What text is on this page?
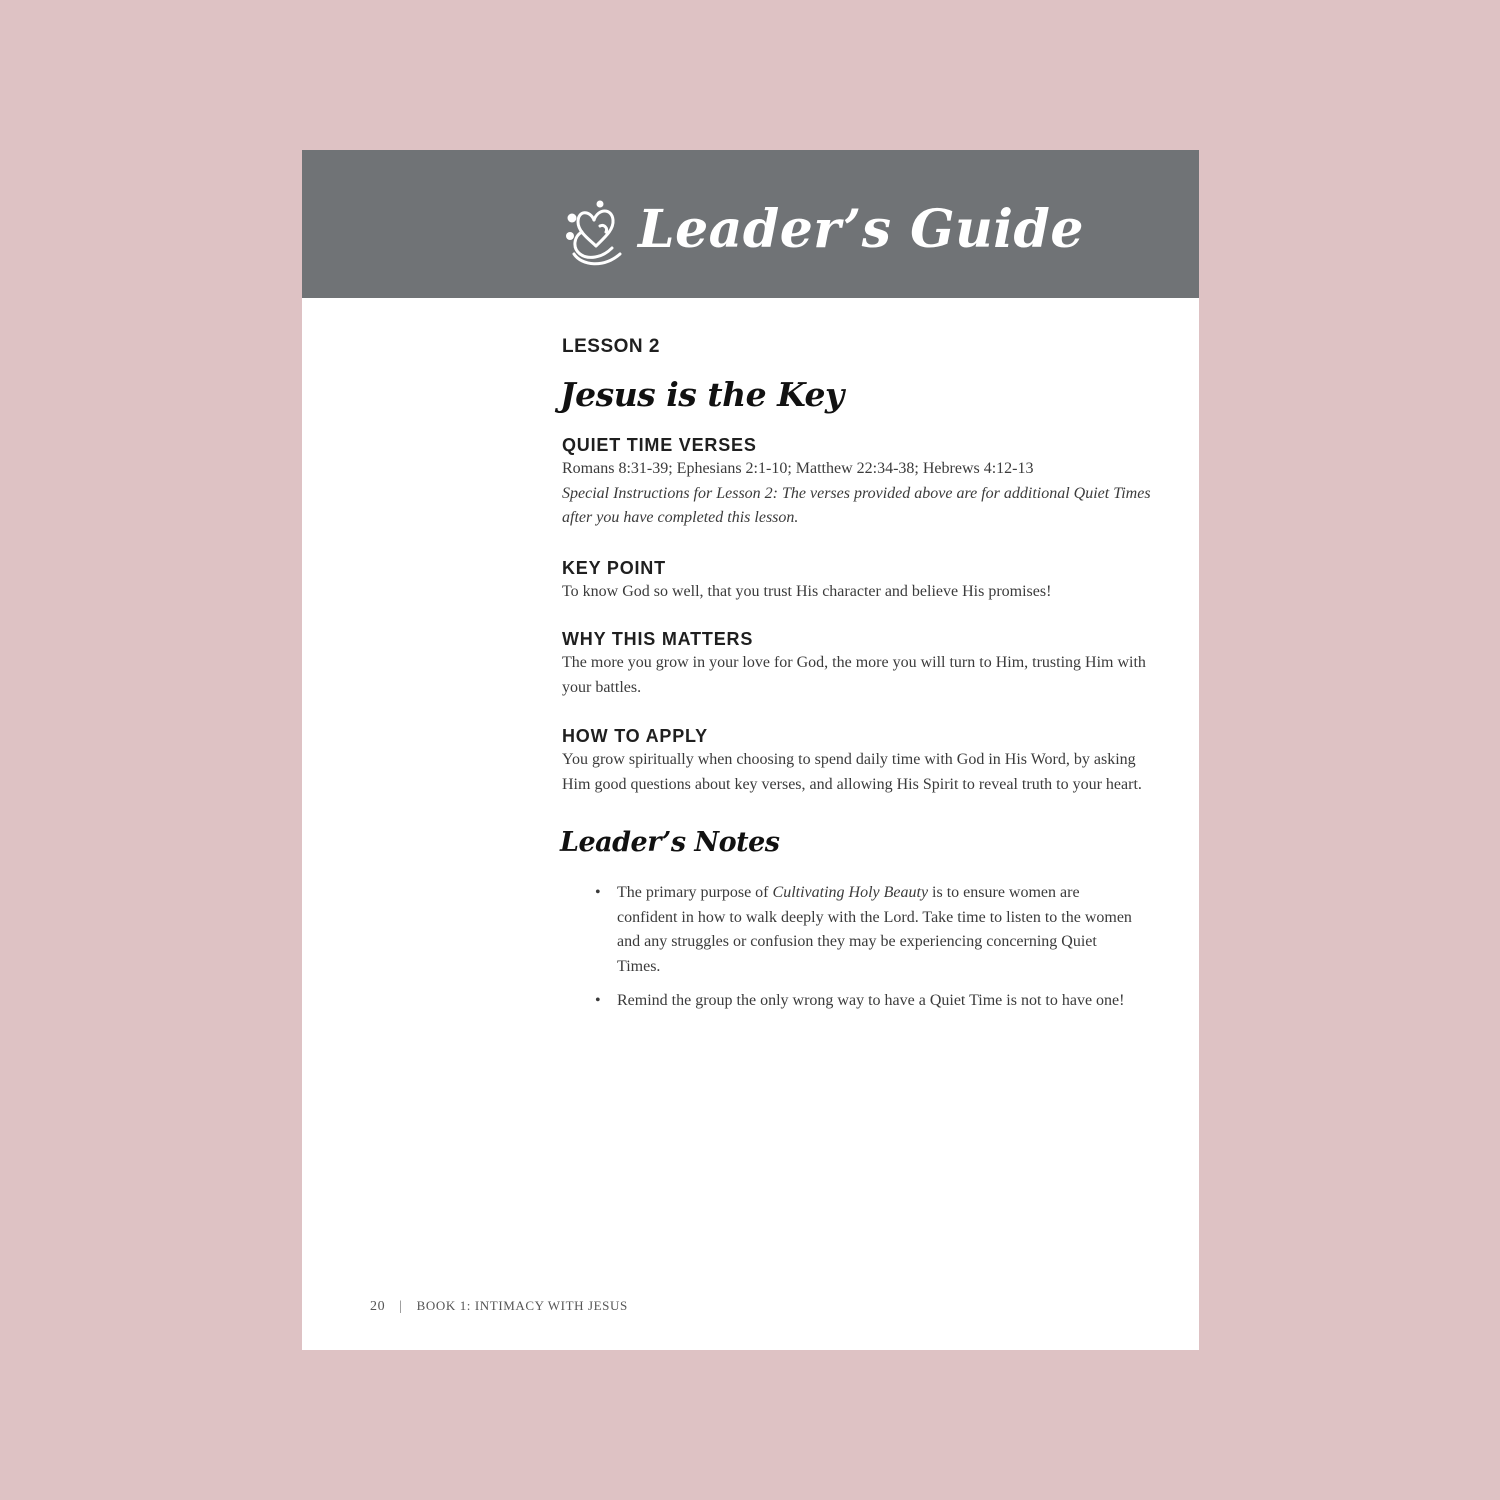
Leader’s Guide

LESSON 2

Jesus is the Key
QUIET TIME VERSES

Romans 8:31-39; Ephesians 2:1-10; Matthew 22:34-38; Hebrews 4:12-13

Special Instructions for Lesson 2: The verses provided above are for additional Quiet Times after you have completed this lesson.

KEY POINT

To know God so well, that you trust His character and believe His promises!

WHY THIS MATTERS

The more you grow in your love for God, the more you will turn to Him, trusting Him with your battles.

HOW TO APPLY

You grow spiritually when choosing to spend daily time with God in His Word, by asking Him good questions about key verses, and allowing His Spirit to reveal truth to your heart.

Leader’s Notes
• The primary purpose of Cultivating Holy Beauty is to ensure women are confident in how to walk deeply with the Lord. Take time to listen to the women and any struggles or confusion they may be experiencing concerning Quiet Times.
• Remind the group the only wrong way to have a Quiet Time is not to have one!
20 | BOOK 1: INTIMACY WITH JESUS
